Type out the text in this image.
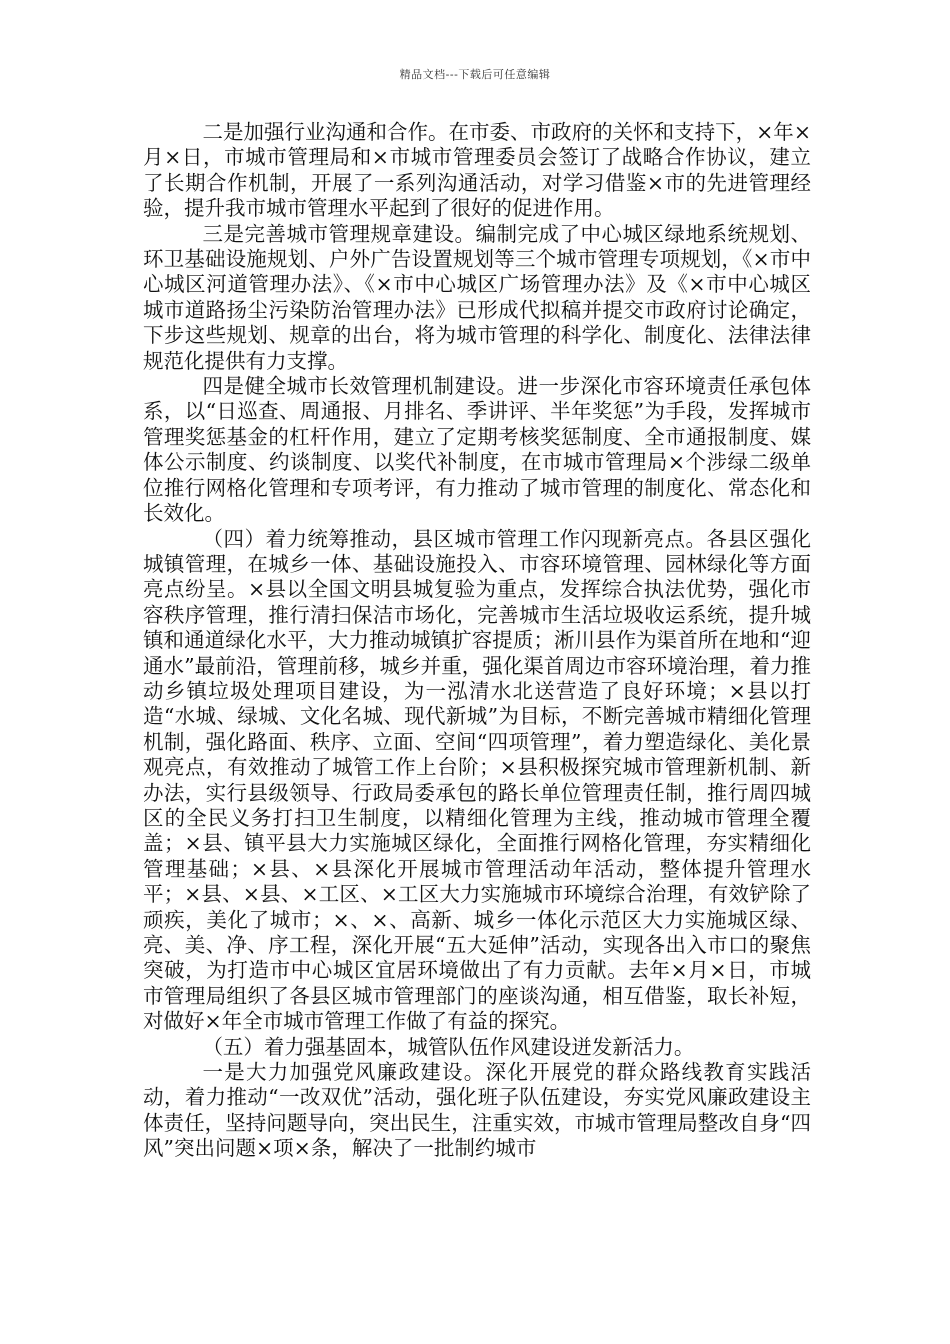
精品文档---下载后可任意编辑

二是加强行业沟通和合作。在市委、市政府的关怀和支持下，×年×月×日，市城市管理局和×市城市管理委员会签订了战略合作协议，建立了长期合作机制，开展了一系列沟通活动，对学习借鉴×市的先进管理经验，提升我市城市管理水平起到了很好的促进作用。

三是完善城市管理规章建设。编制完成了中心城区绿地系统规划、环卫基础设施规划、户外广告设置规划等三个城市管理专项规划，《×市中心城区河道管理办法》、《×市中心城区广场管理办法》及《×市中心城区城市道路扬尘污染防治管理办法》已形成代拟稿并提交市政府讨论确定，下步这些规划、规章的出台，将为城市管理的科学化、制度化、法律法律规范化提供有力支撑。

四是健全城市长效管理机制建设。进一步深化市容环境责任承包体系，以“日巡查、周通报、月排名、季讲评、半年奖惩”为手段，发挥城市管理奖惩基金的杠杆作用，建立了定期考核奖惩制度、全市通报制度、媒体公示制度、约谈制度、以奖代补制度，在市城市管理局×个涉绿二级单位推行网格化管理和专项考评，有力推动了城市管理的制度化、常态化和长效化。

（四）着力统筹推动，县区城市管理工作闪现新亮点。各县区强化城镇管理，在城乡一体、基础设施投入、市容环境管理、园林绿化等方面亮点纷呈。×县以全国文明县城复验为重点，发挥综合执法优势，强化市容秩序管理，推行清扫保洁市场化，完善城市生活垃圾收运系统，提升城镇和通道绿化水平，大力推动城镇扩容提质；淅川县作为渠首所在地和“迎通水”最前沿，管理前移，城乡并重，强化渠首周边市容环境治理，着力推动乡镇垃圾处理项目建设，为一泓清水北送营造了良好环境；×县以打造“水城、绿城、文化名城、现代新城”为目标，不断完善城市精细化管理机制，强化路面、秩序、立面、空间“四项管理”，着力塑造绿化、美化景观亮点，有效推动了城管工作上台阶；×县积极探究城市管理新机制、新办法，实行县级领导、行政局委承包的路长单位管理责任制，推行周四城区的全民义务打扫卫生制度，以精细化管理为主线，推动城市管理全覆盖；×县、镇平县大力实施城区绿化，全面推行网格化管理，夯实精细化管理基础；×县、×县深化开展城市管理活动年活动，整体提升管理水平；×县、×县、×工区、×工区大力实施城市环境综合治理，有效铲除了顽疾，美化了城市；×、×、高新、城乡一体化示范区大力实施城区绿、亮、美、净、序工程，深化开展“五大延伸”活动，实现各出入市口的聚焦突破，为打造市中心城区宜居环境做出了有力贡献。去年×月×日，市城市管理局组织了各县区城市管理部门的座谈沟通，相互借鉴，取长补短，对做好×年全市城市管理工作做了有益的探究。

（五）着力强基固本，城管队伍作风建设迸发新活力。

一是大力加强党风廉政建设。深化开展党的群众路线教育实践活动，着力推动“一改双优”活动，强化班子队伍建设，夯实党风廉政建设主体责任，坚持问题导向，突出民生，注重实效，市城市管理局整改自身“四风”突出问题×项×条，解决了一批制约城市
